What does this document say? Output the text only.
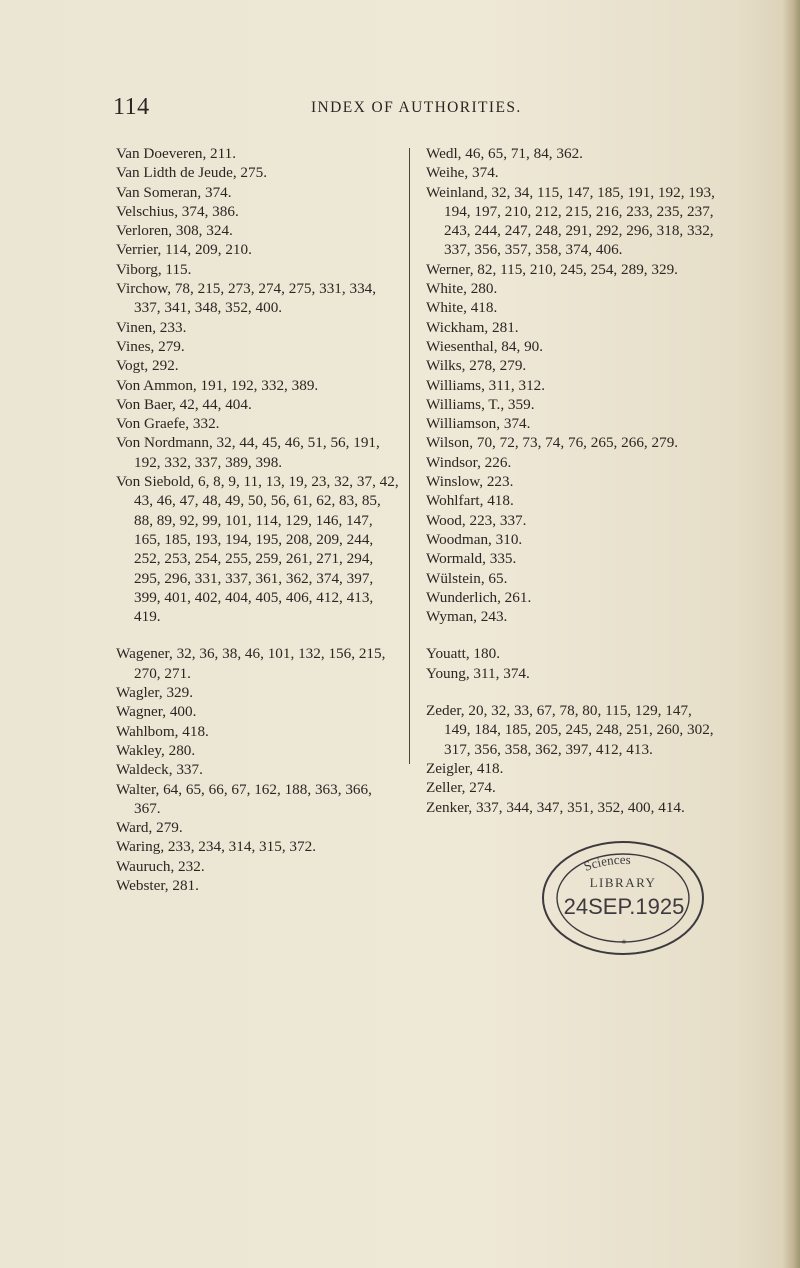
114	INDEX OF AUTHORITIES.
Van Doeveren, 211.
Van Lidth de Jeude, 275.
Van Someran, 374.
Velschius, 374, 386.
Verloren, 308, 324.
Verrier, 114, 209, 210.
Viborg, 115.
Virchow, 78, 215, 273, 274, 275, 331, 334, 337, 341, 348, 352, 400.
Vinen, 233.
Vines, 279.
Vogt, 292.
Von Ammon, 191, 192, 332, 389.
Von Baer, 42, 44, 404.
Von Graefe, 332.
Von Nordmann, 32, 44, 45, 46, 51, 56, 191, 192, 332, 337, 389, 398.
Von Siebold, 6, 8, 9, 11, 13, 19, 23, 32, 37, 42, 43, 46, 47, 48, 49, 50, 56, 61, 62, 83, 85, 88, 89, 92, 99, 101, 114, 129, 146, 147, 165, 185, 193, 194, 195, 208, 209, 244, 252, 253, 254, 255, 259, 261, 271, 294, 295, 296, 331, 337, 361, 362, 374, 397, 399, 401, 402, 404, 405, 406, 412, 413, 419.
Wagener, 32, 36, 38, 46, 101, 132, 156, 215, 270, 271.
Wagler, 329.
Wagner, 400.
Wahlbom, 418.
Wakley, 280.
Waldeck, 337.
Walter, 64, 65, 66, 67, 162, 188, 363, 366, 367.
Ward, 279.
Waring, 233, 234, 314, 315, 372.
Wauruch, 232.
Webster, 281.
Wedl, 46, 65, 71, 84, 362.
Weihe, 374.
Weinland, 32, 34, 115, 147, 185, 191, 192, 193, 194, 197, 210, 212, 215, 216, 233, 235, 237, 243, 244, 247, 248, 291, 292, 296, 318, 332, 337, 356, 357, 358, 374, 406.
Werner, 82, 115, 210, 245, 254, 289, 329.
White, 280.
White, 418.
Wickham, 281.
Wiesenthal, 84, 90.
Wilks, 278, 279.
Williams, 311, 312.
Williams, T., 359.
Williamson, 374.
Wilson, 70, 72, 73, 74, 76, 265, 266, 279.
Windsor, 226.
Winslow, 223.
Wohlfart, 418.
Wood, 223, 337.
Woodman, 310.
Wormald, 335.
Wülstein, 65.
Wunderlich, 261.
Wyman, 243.
Youatt, 180.
Young, 311, 374.
Zeder, 20, 32, 33, 67, 78, 80, 115, 129, 147, 149, 184, 185, 205, 245, 248, 251, 260, 302, 317, 356, 358, 362, 397, 412, 413.
Zeigler, 418.
Zeller, 274.
Zenker, 337, 344, 347, 351, 352, 400, 414.
Sciences
LIBRARY
24SEP.1925
*
